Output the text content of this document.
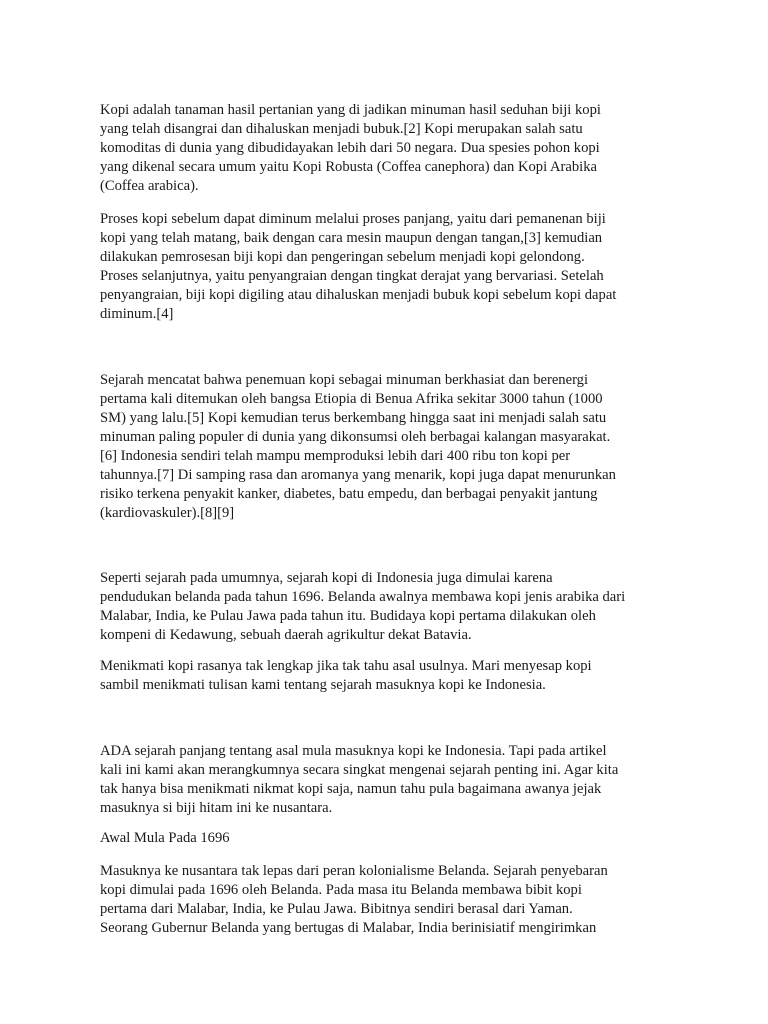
Kopi adalah tanaman hasil pertanian yang di jadikan minuman hasil seduhan biji kopi
yang telah disangrai dan dihaluskan menjadi bubuk.[2] Kopi merupakan salah satu
komoditas di dunia yang dibudidayakan lebih dari 50 negara. Dua spesies pohon kopi
yang dikenal secara umum yaitu Kopi Robusta (Coffea canephora) dan Kopi Arabika
(Coffea arabica).
Proses kopi sebelum dapat diminum melalui proses panjang, yaitu dari pemanenan biji
kopi yang telah matang, baik dengan cara mesin maupun dengan tangan,[3] kemudian
dilakukan pemrosesan biji kopi dan pengeringan sebelum menjadi kopi gelondong.
Proses selanjutnya, yaitu penyangraian dengan tingkat derajat yang bervariasi. Setelah
penyangraian, biji kopi digiling atau dihaluskan menjadi bubuk kopi sebelum kopi dapat
diminum.[4]
Sejarah mencatat bahwa penemuan kopi sebagai minuman berkhasiat dan berenergi
pertama kali ditemukan oleh bangsa Etiopia di Benua Afrika sekitar 3000 tahun (1000
SM) yang lalu.[5] Kopi kemudian terus berkembang hingga saat ini menjadi salah satu
minuman paling populer di dunia yang dikonsumsi oleh berbagai kalangan masyarakat.
[6] Indonesia sendiri telah mampu memproduksi lebih dari 400 ribu ton kopi per
tahunnya.[7] Di samping rasa dan aromanya yang menarik, kopi juga dapat menurunkan
risiko terkena penyakit kanker, diabetes, batu empedu, dan berbagai penyakit jantung
(kardiovaskuler).[8][9]
Seperti sejarah pada umumnya, sejarah kopi di Indonesia juga dimulai karena
pendudukan belanda pada tahun 1696. Belanda awalnya membawa kopi jenis arabika dari
Malabar, India, ke Pulau Jawa pada tahun itu. Budidaya kopi pertama dilakukan oleh
kompeni di Kedawung, sebuah daerah agrikultur dekat Batavia.
Menikmati kopi rasanya tak lengkap jika tak tahu asal usulnya. Mari menyesap kopi
sambil menikmati tulisan kami tentang sejarah masuknya kopi ke Indonesia.
ADA sejarah panjang tentang asal mula masuknya kopi ke Indonesia. Tapi pada artikel
kali ini kami akan merangkumnya secara singkat mengenai sejarah penting ini. Agar kita
tak hanya bisa menikmati nikmat kopi saja, namun tahu pula bagaimana awanya jejak
masuknya si biji hitam ini ke nusantara.
Awal Mula Pada 1696
Masuknya ke nusantara tak lepas dari peran kolonialisme Belanda. Sejarah penyebaran
kopi dimulai pada 1696 oleh Belanda. Pada masa itu Belanda membawa bibit kopi
pertama dari Malabar, India, ke Pulau Jawa. Bibitnya sendiri berasal dari Yaman.
Seorang Gubernur Belanda yang bertugas di Malabar, India berinisiatif mengirimkan
